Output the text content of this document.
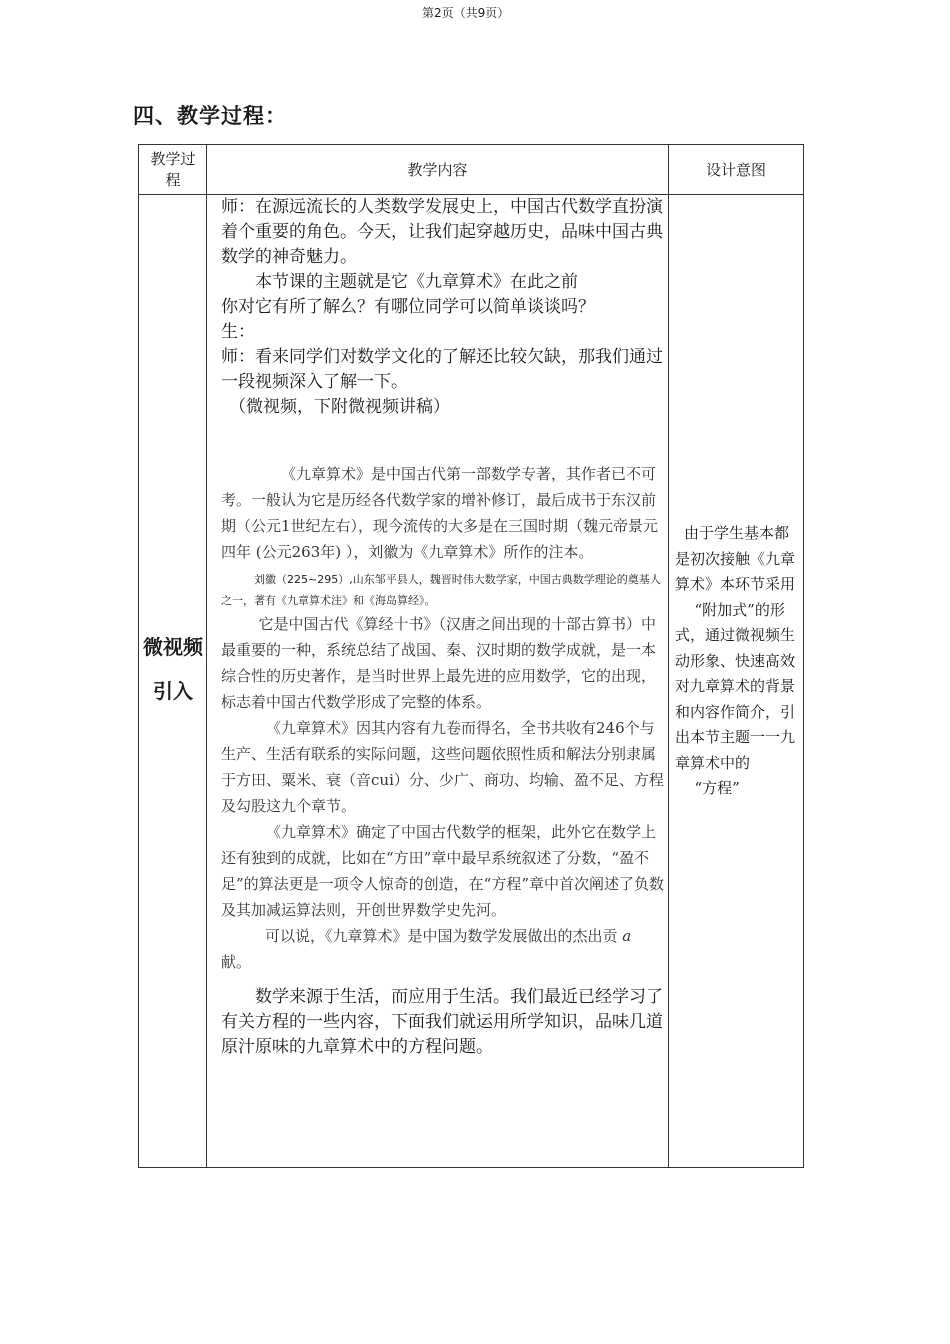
第2页（共9页）
四、教学过程：
教学过程
教学内容	设计意图
微视频引入

师：在源远流长的人类数学发展史上，中国古代数学直扮演着个重要的角色。今天，让我们起穿越历史，品味中国古典数学的神奇魅力。

本节课的主题就是它《九章算术》在此之前

你对它有所了解么？有哪位同学可以简单谈谈吗？

生：

师：看来同学们对数学文化的了解还比较欠缺，那我们通过一段视频深入了解一下。

（微视频，下附微视频讲稿）

《九章算术》是中国古代第一部数学专著，其作者已不可考。一般认为它是历经各代数学家的增补修订，最后成书于东汉前期（公元1世纪左右），现今流传的大多是在三国时期（魏元帝景元四年 (公元263年) ），刘徽为《九章算术》所作的注本。

刘徽（225~295）,山东邹平县人，魏晋时伟大数学家，中国古典数学理论的奠基人之一，著有《九章算术注》和《海岛算经》。

它是中国古代《算经十书》（汉唐之间出现的十部古算书）中最重要的一种，系统总结了战国、秦、汉时期的数学成就，是一本综合性的历史著作，是当时世界上最先进的应用数学，它的出现，标志着中国古代数学形成了完整的体系。

《九章算术》因其内容有九卷而得名，全书共收有246个与生产、生活有联系的实际问题，这些问题依照性质和解法分别隶属于方田、粟米、衰（音cui）分、少广、商功、均输、盈不足、方程及勾股这九个章节。

《九章算术》确定了中国古代数学的框架，此外它在数学上还有独到的成就，比如在“方田”章中最早系统叙述了分数，“盈不足”的算法更是一项令人惊奇的创造，在“方程”章中首次阐述了负数及其加减运算法则，开创世界数学史先河。

可以说，《九章算术》是中国为数学发展做出的杰出贡 a

献。

数学来源于生活，而应用于生活。我们最近已经学习了有关方程的一些内容，下面我们就运用所学知识，品味几道原汁原味的九章算术中的方程问题。

由于学生基本都是初次接触《九章算术》本环节采用
“附加式”的形式，通过微视频生动形象、快速髙效对九章算术的背景和内容作简介，引出本节主题一一九章算术中的
“方程”
